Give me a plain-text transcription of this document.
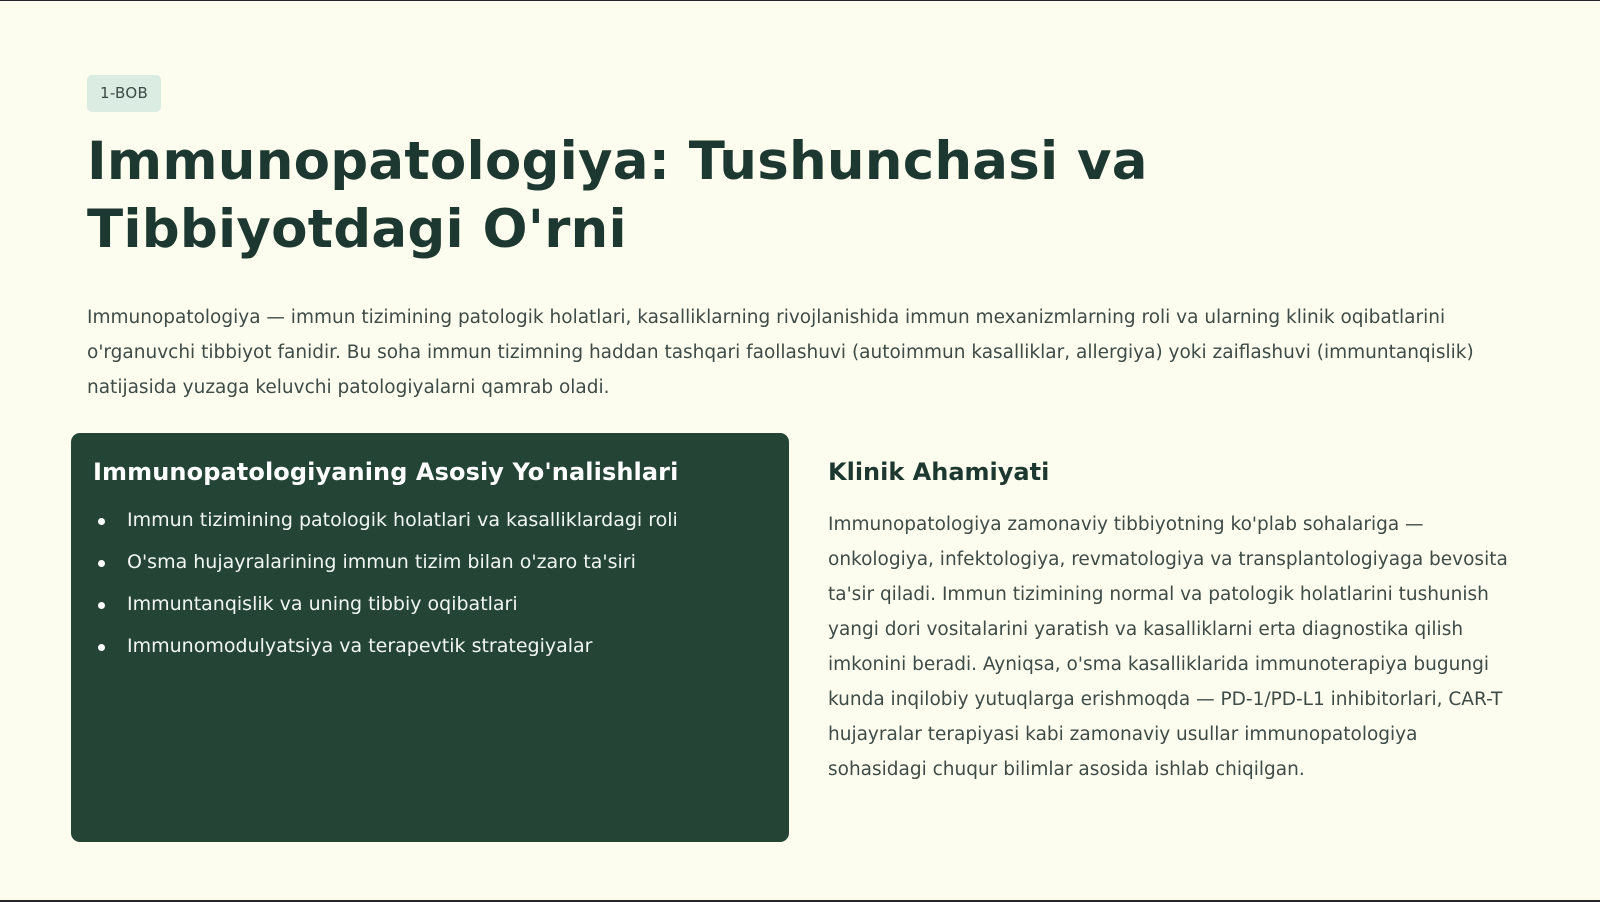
1-BOB
Immunopatologiya: Tushunchasi va
Tibbiyotdagi O'rni

Immunopatologiya — immun tizimining patologik holatlari, kasalliklarning rivojlanishida immun mexanizmlarning roli va ularning klinik oqibatlarini o'rganuvchi tibbiyot fanidir. Bu soha immun tizimning haddan tashqari faollashuvi (autoimmun kasalliklar, allergiya) yoki zaiflashuvi (immuntanqislik) natijasida yuzaga keluvchi patologiyalarni qamrab oladi.

Immunopatologiyaning Asosiy Yo'nalishlari
Immun tizimining patologik holatlari va kasalliklardagi roli
O'sma hujayralarining immun tizim bilan o'zaro ta'siri
Immuntanqislik va uning tibbiy oqibatlari
Immunomodulyatsiya va terapevtik strategiyalar
Klinik Ahamiyati

Immunopatologiya zamonaviy tibbiyotning ko'plab sohalariga — onkologiya, infektologiya, revmatologiya va transplantologiyaga bevosita ta'sir qiladi. Immun tizimining normal va patologik holatlarini tushunish yangi dori vositalarini yaratish va kasalliklarni erta diagnostika qilish imkonini beradi. Ayniqsa, o'sma kasalliklarida immunoterapiya bugungi kunda inqilobiy yutuqlarga erishmoqda — PD-1/PD-L1 inhibitorlari, CAR-T hujayralar terapiyasi kabi zamonaviy usullar immunopatologiya sohasidagi chuqur bilimlar asosida ishlab chiqilgan.
